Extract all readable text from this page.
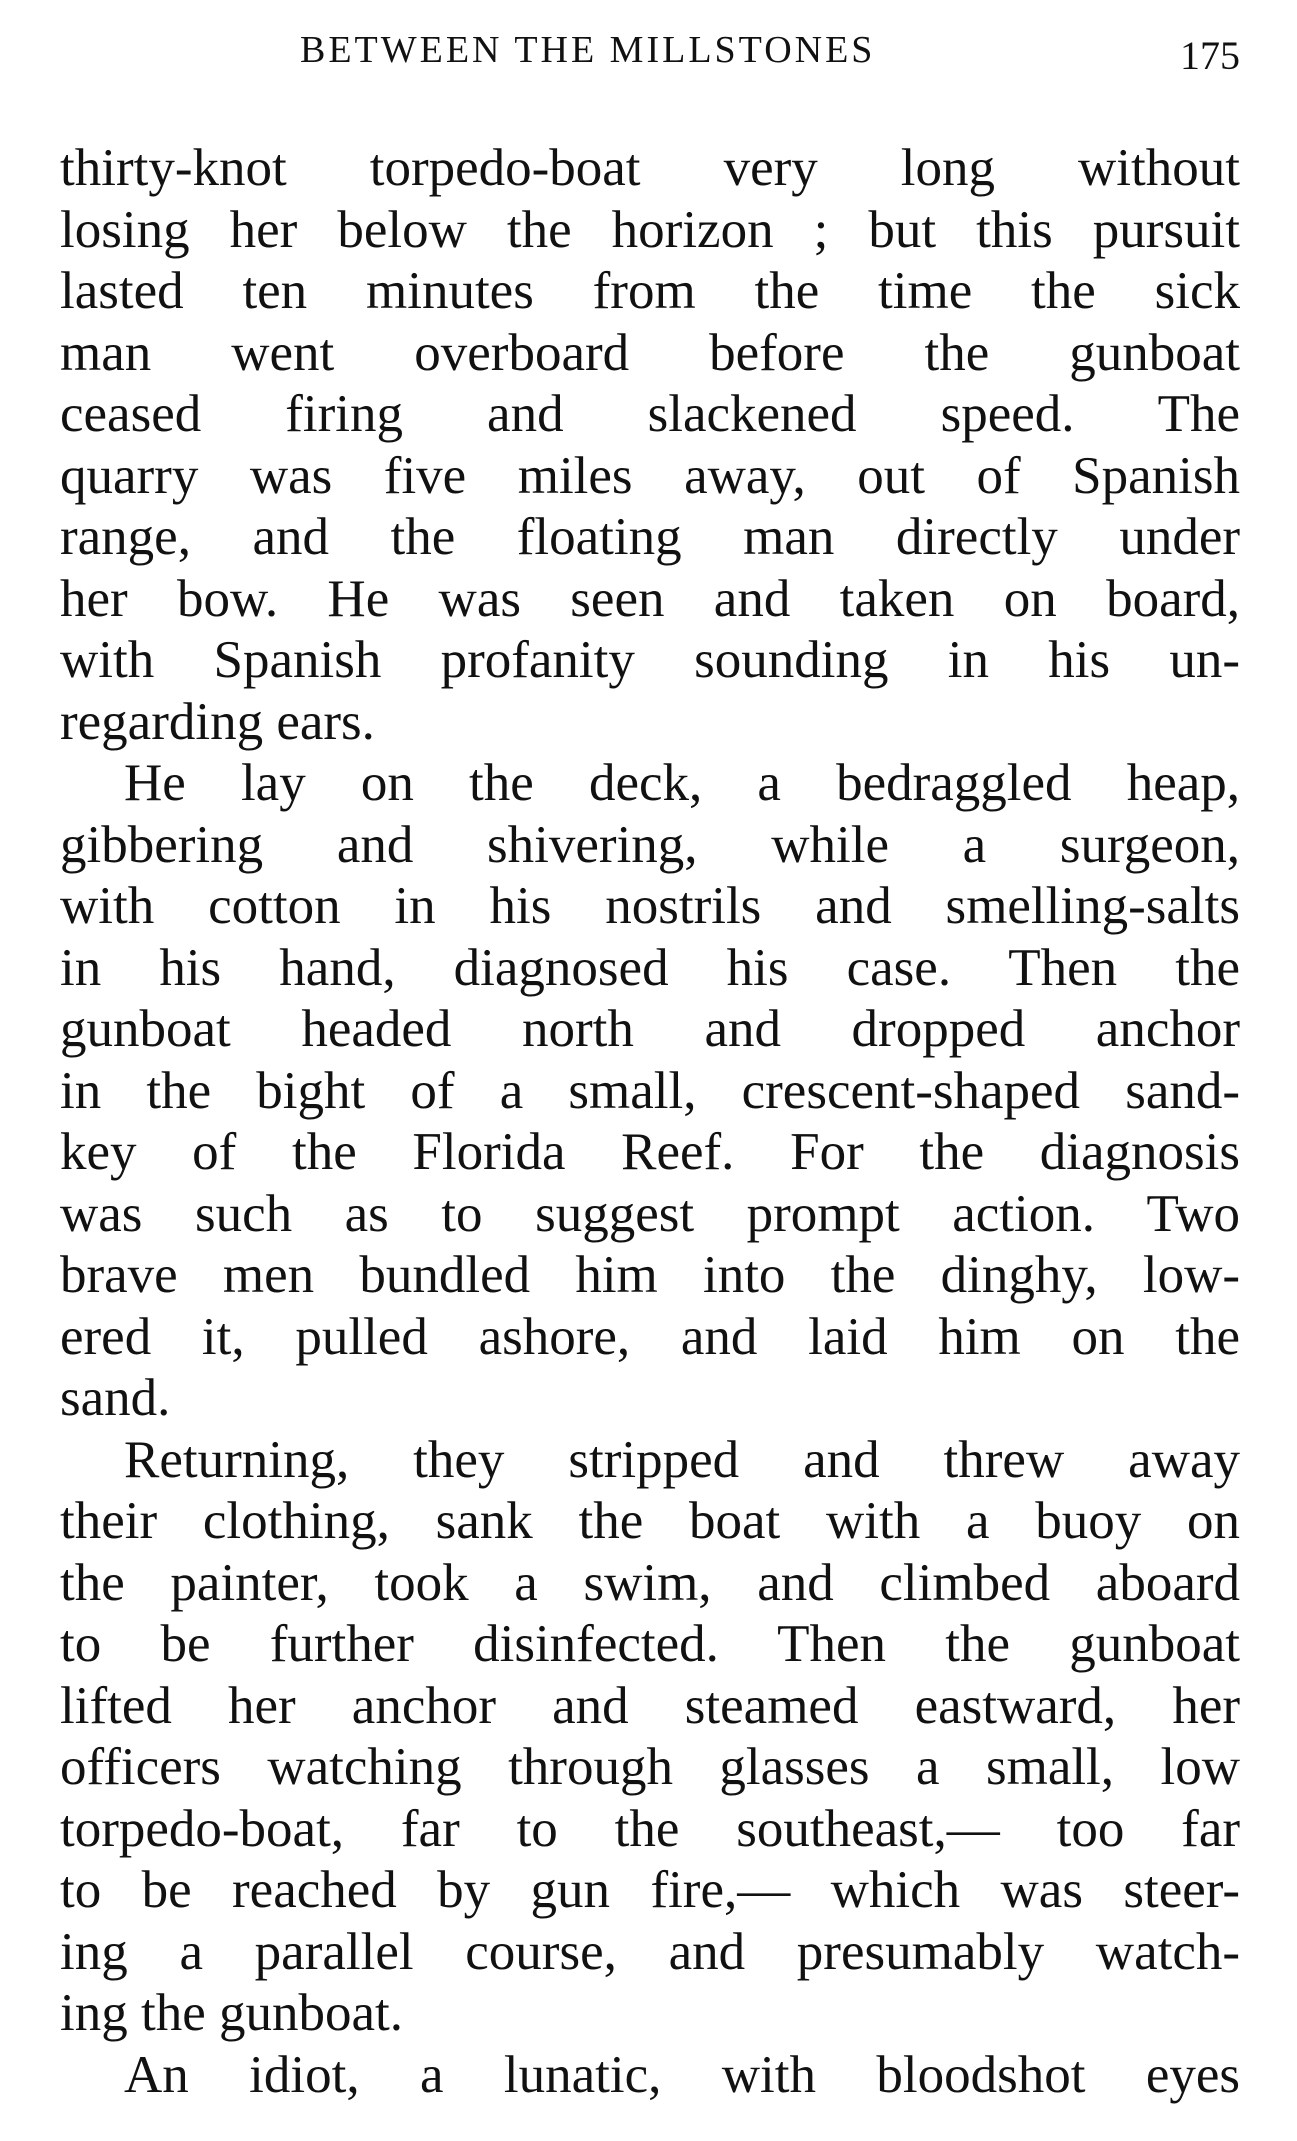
BETWEEN THE MILLSTONES	175
thirty-knot torpedo-boat very long without
losing her below the horizon ; but this pursuit
lasted ten minutes from the time the sick
man went overboard before the gunboat
ceased firing and slackened speed. The
quarry was five miles away, out of Spanish
range, and the floating man directly under
her bow. He was seen and taken on board,
with Spanish profanity sounding in his un-
regarding ears.
He lay on the deck, a bedraggled heap,
gibbering and shivering, while a surgeon,
with cotton in his nostrils and smelling-salts
in his hand, diagnosed his case. Then the
gunboat headed north and dropped anchor
in the bight of a small, crescent-shaped sand-
key of the Florida Reef. For the diagnosis
was such as to suggest prompt action. Two
brave men bundled him into the dinghy, low-
ered it, pulled ashore, and laid him on the
sand.
Returning, they stripped and threw away
their clothing, sank the boat with a buoy on
the painter, took a swim, and climbed aboard
to be further disinfected. Then the gunboat
lifted her anchor and steamed eastward, her
officers watching through glasses a small, low
torpedo-boat, far to the southeast,— too far
to be reached by gun fire,— which was steer-
ing a parallel course, and presumably watch-
ing the gunboat.
An idiot, a lunatic, with bloodshot eyes
